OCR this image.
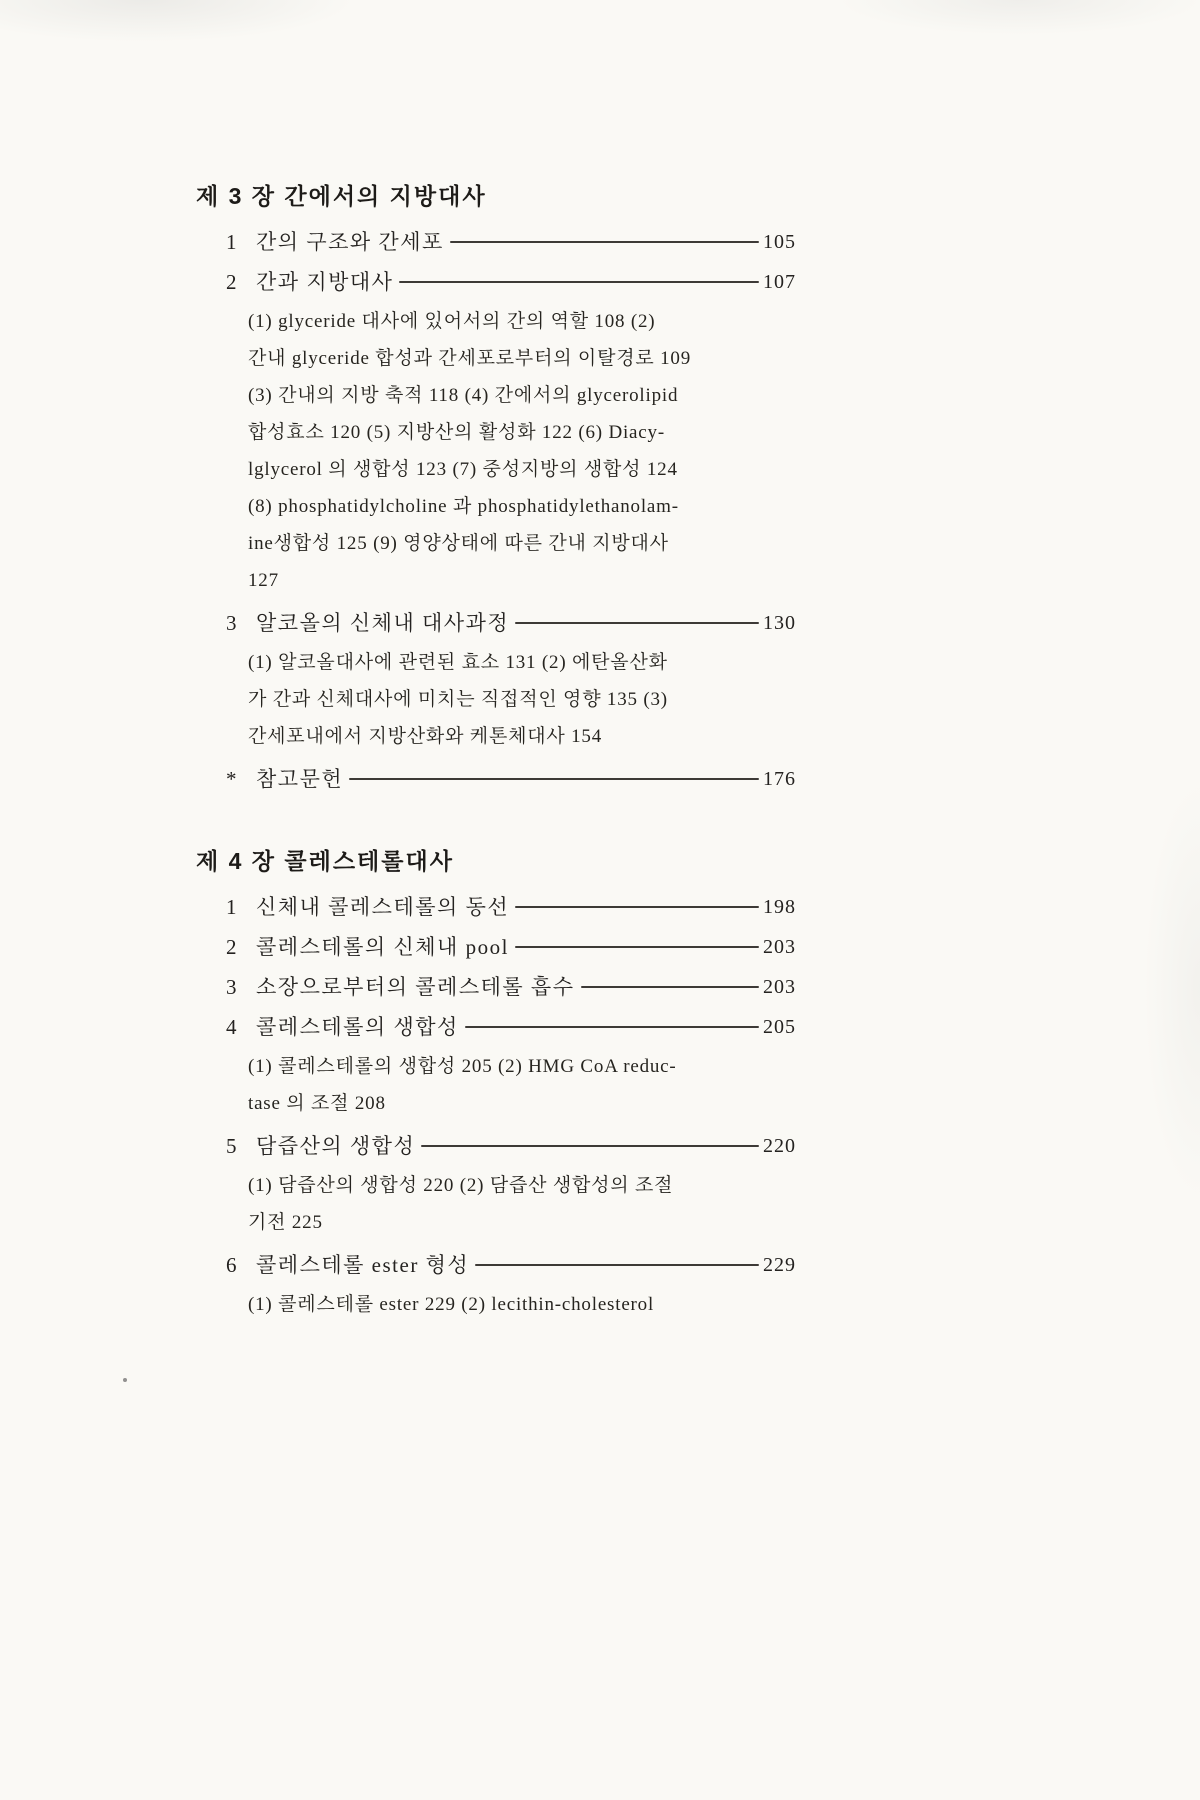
제 3 장 간에서의 지방대사
1 간의 구조와 간세포	105
2 간과 지방대사	107
(1) glyceride 대사에 있어서의 간의 역할 108 (2)
간내 glyceride 합성과 간세포로부터의 이탈경로 109
(3) 간내의 지방 축적 118 (4) 간에서의 glycerolipid
합성효소 120 (5) 지방산의 활성화 122 (6) Diacy-
lglycerol 의 생합성 123 (7) 중성지방의 생합성 124
(8) phosphatidylcholine 과 phosphatidylethanolam-
ine생합성 125 (9) 영양상태에 따른 간내 지방대사
127
3 알코올의 신체내 대사과정	130
(1) 알코올대사에 관련된 효소 131 (2) 에탄올산화
가 간과 신체대사에 미치는 직접적인 영향 135 (3)
간세포내에서 지방산화와 케톤체대사 154
* 참고문헌	176
제 4 장 콜레스테롤대사
1 신체내 콜레스테롤의 동선	198
2 콜레스테롤의 신체내 pool	203
3 소장으로부터의 콜레스테롤 흡수	203
4 콜레스테롤의 생합성	205
(1) 콜레스테롤의 생합성 205 (2) HMG CoA reduc-
tase 의 조절 208
5 담즙산의 생합성	220
(1) 담즙산의 생합성 220 (2) 담즙산 생합성의 조절
기전 225
6 콜레스테롤 ester 형성	229
(1) 콜레스테롤 ester 229 (2) lecithin-cholesterol
